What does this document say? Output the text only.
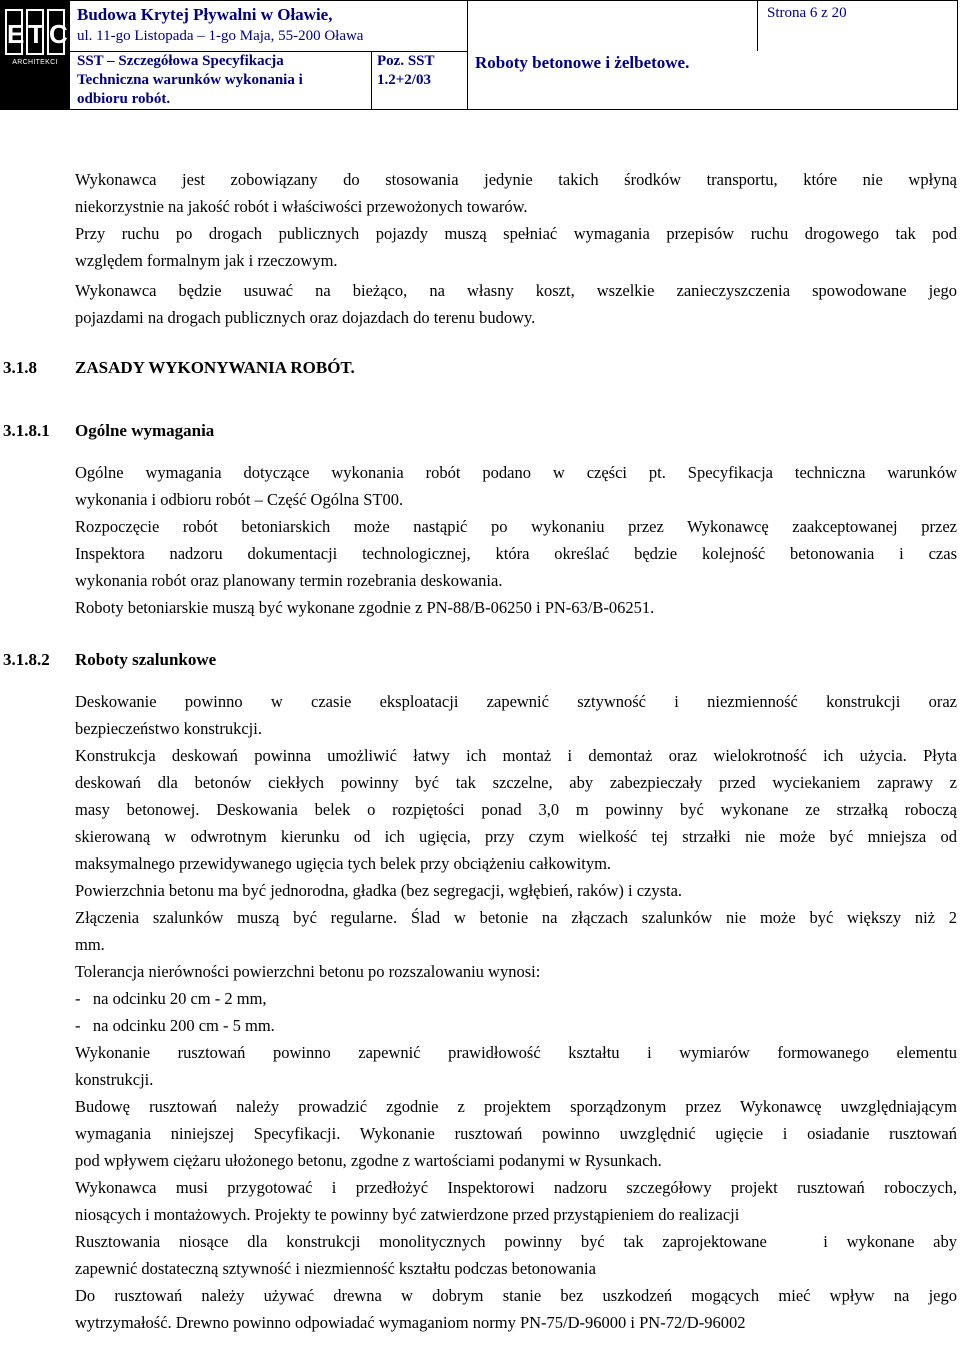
E T C
ARCHITEKCI
Budowa Krytej Pływalni w Oławie,
ul. 11-go Listopada – 1-go Maja, 55-200 Oława
SST – Szczegółowa Specyfikacja
Techniczna warunków wykonania i
odbioru robót.
Poz. SST
1.2+2/03
Roboty betonowe i żelbetowe.
Strona 6 z 20
Wykonawca jest zobowiązany do stosowania jedynie takich środków transportu, które nie wpłyną
niekorzystnie na jakość robót i właściwości przewożonych towarów.
Przy ruchu po drogach publicznych pojazdy muszą spełniać wymagania przepisów ruchu drogowego tak pod
względem formalnym jak i rzeczowym.
Wykonawca będzie usuwać na bieżąco, na własny koszt, wszelkie zanieczyszczenia spowodowane jego
pojazdami na drogach publicznych oraz dojazdach do terenu budowy.
3.1.8 ZASADY WYKONYWANIA ROBÓT.
3.1.8.1 Ogólne wymagania
Ogólne wymagania dotyczące wykonania robót podano w części pt. Specyfikacja techniczna warunków
wykonania i odbioru robót – Część Ogólna ST00.
Rozpoczęcie robót betoniarskich może nastąpić po wykonaniu przez Wykonawcę zaakceptowanej przez
Inspektora nadzoru dokumentacji technologicznej, która określać będzie kolejność betonowania i czas
wykonania robót oraz planowany termin rozebrania deskowania.
Roboty betoniarskie muszą być wykonane zgodnie z PN-88/B-06250 i PN-63/B-06251.
3.1.8.2 Roboty szalunkowe
Deskowanie powinno w czasie eksploatacji zapewnić sztywność i niezmienność konstrukcji oraz
bezpieczeństwo konstrukcji.
Konstrukcja deskowań powinna umożliwić łatwy ich montaż i demontaż oraz wielokrotność ich użycia. Płyta
deskowań dla betonów ciekłych powinny być tak szczelne, aby zabezpieczały przed wyciekaniem zaprawy z
masy betonowej. Deskowania belek o rozpiętości ponad 3,0 m powinny być wykonane ze strzałką roboczą
skierowaną w odwrotnym kierunku od ich ugięcia, przy czym wielkość tej strzałki nie może być mniejsza od
maksymalnego przewidywanego ugięcia tych belek przy obciążeniu całkowitym.
Powierzchnia betonu ma być jednorodna, gładka (bez segregacji, wgłębień, raków) i czysta.
Złączenia szalunków muszą być regularne. Ślad w betonie na złączach szalunków nie może być większy niż 2
mm.
Tolerancja nierówności powierzchni betonu po rozszalowaniu wynosi:
-   na odcinku 20 cm - 2 mm,
-   na odcinku 200 cm - 5 mm.
Wykonanie rusztowań powinno zapewnić prawidłowość kształtu i wymiarów formowanego elementu
konstrukcji.
Budowę rusztowań należy prowadzić zgodnie z projektem sporządzonym przez Wykonawcę uwzględniającym
wymagania niniejszej Specyfikacji. Wykonanie rusztowań powinno uwzględnić ugięcie i osiadanie rusztowań
pod wpływem ciężaru ułożonego betonu, zgodne z wartościami podanymi w Rysunkach.
Wykonawca musi przygotować i przedłożyć Inspektorowi nadzoru szczegółowy projekt rusztowań roboczych,
niosących i montażowych. Projekty te powinny być zatwierdzone przed przystąpieniem do realizacji
Rusztowania niosące dla konstrukcji monolitycznych powinny być tak zaprojektowane   i wykonane aby
zapewnić dostateczną sztywność i niezmienność kształtu podczas betonowania
Do rusztowań należy używać drewna w dobrym stanie bez uszkodzeń mogących mieć wpływ na jego
wytrzymałość. Drewno powinno odpowiadać wymaganiom normy PN-75/D-96000 i PN-72/D-96002
